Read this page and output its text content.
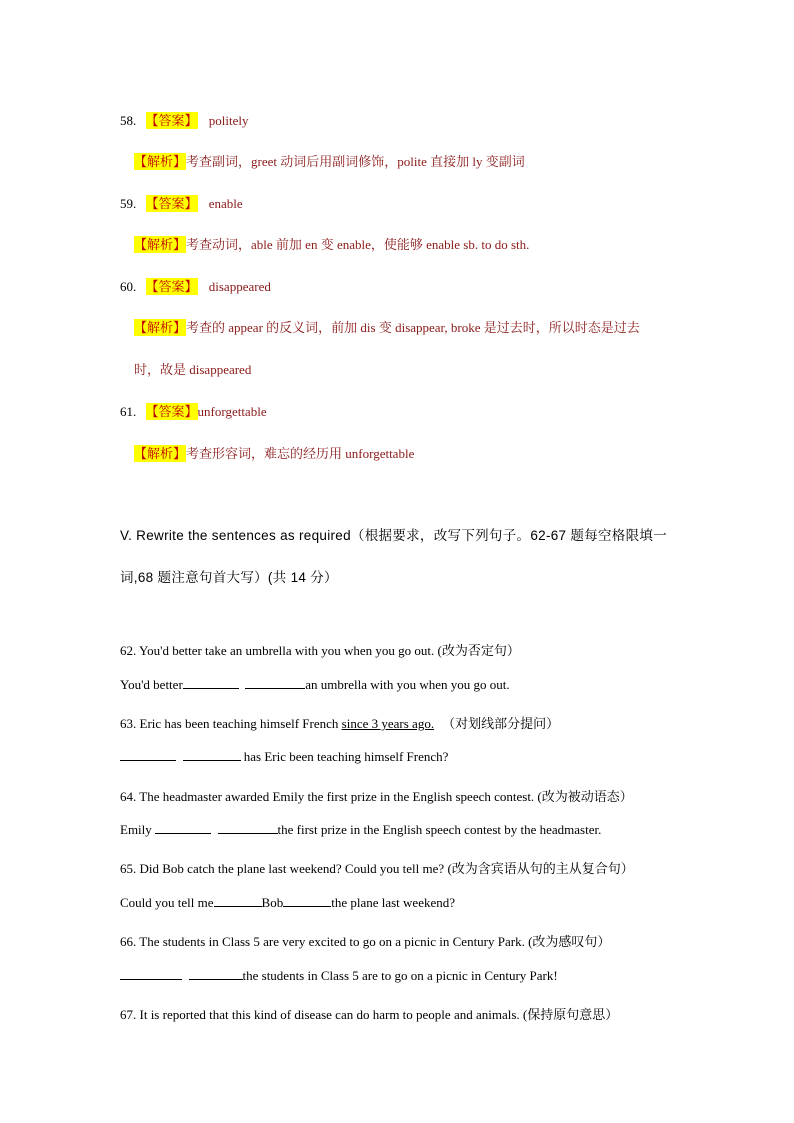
58. 【答案】 politely
【解析】考查副词，greet 动词后用副词修饰，polite 直接加 ly 变副词
59. 【答案】 enable
【解析】考查动词，able 前加 en 变 enable，使能够 enable sb. to do sth.
60. 【答案】 disappeared
【解析】考查的 appear 的反义词，前加 dis 变 disappear, broke 是过去时，所以时态是过去
时，故是 disappeared
61. 【答案】unforgettable
【解析】考查形容词，难忘的经历用 unforgettable
V. Rewrite the sentences as required（根据要求，改写下列句子。62-67 题每空格限填一
词,68 题注意句首大写）(共 14 分）
62. You'd better take an umbrella with you when you go out. (改为否定句）
You'd better	an umbrella with you when you go out.
63. Eric has been teaching himself French since 3 years ago. （对划线部分提问）
has Eric been teaching himself French?
64. The headmaster awarded Emily the first prize in the English speech contest. (改为被动语态）
Emily	the first prize in the English speech contest by the headmaster.
65. Did Bob catch the plane last weekend? Could you tell me? (改为含宾语从句的主从复合句）
Could you tell me	Bob	the plane last weekend?
66. The students in Class 5 are very excited to go on a picnic in Century Park. (改为感叹句）
the students in Class 5 are to go on a picnic in Century Park!
67. It is reported that this kind of disease can do harm to people and animals. (保持原句意思）
